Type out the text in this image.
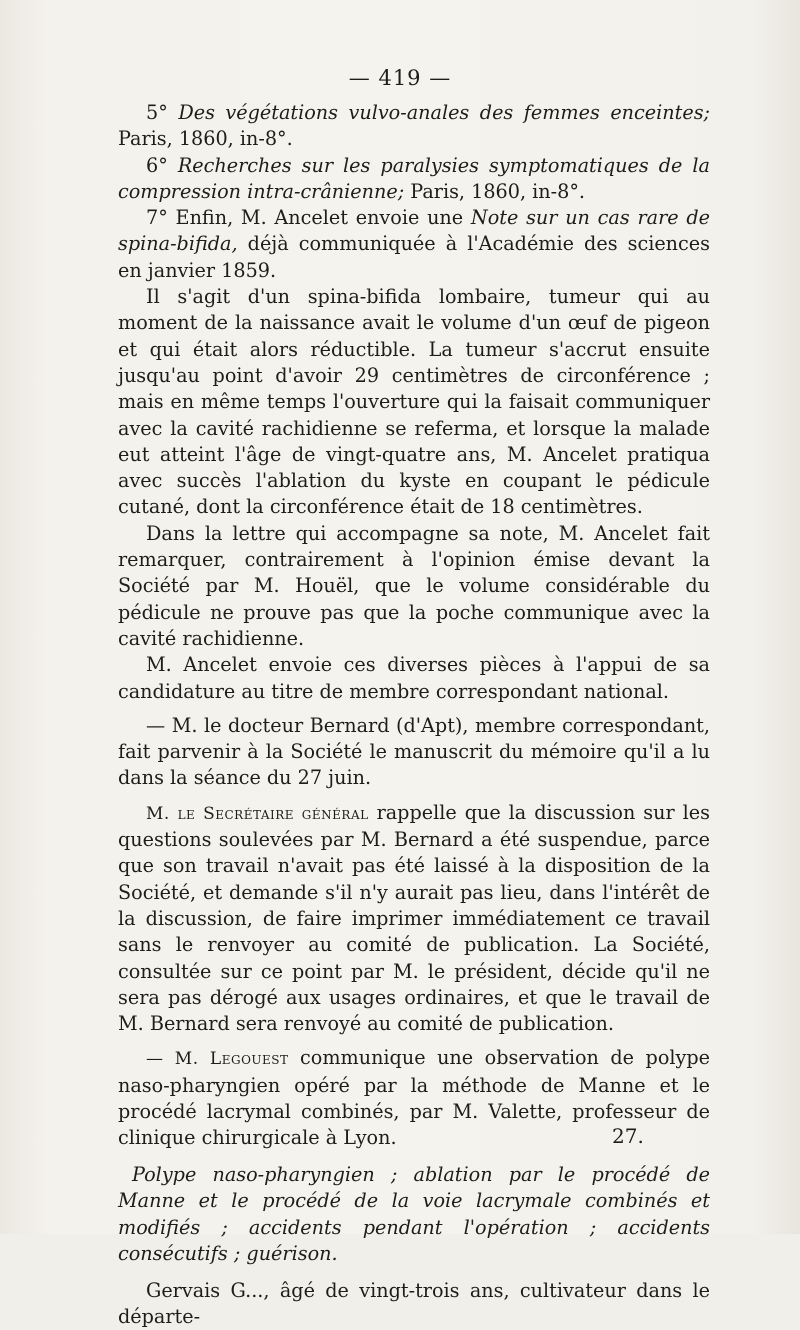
— 419 —

5° Des végétations vulvo-anales des femmes enceintes; Paris, 1860, in-8°.

6° Recherches sur les paralysies symptomatiques de la compression intra-crânienne; Paris, 1860, in-8°.

7° Enfin, M. Ancelet envoie une Note sur un cas rare de spina-bifida, déjà communiquée à l'Académie des sciences en janvier 1859.

Il s'agit d'un spina-bifida lombaire, tumeur qui au moment de la naissance avait le volume d'un œuf de pigeon et qui était alors réductible. La tumeur s'accrut ensuite jusqu'au point d'avoir 29 centimètres de circonférence ; mais en même temps l'ouverture qui la faisait communiquer avec la cavité rachidienne se referma, et lorsque la malade eut atteint l'âge de vingt-quatre ans, M. Ancelet pratiqua avec succès l'ablation du kyste en coupant le pédicule cutané, dont la circonférence était de 18 centimètres.

Dans la lettre qui accompagne sa note, M. Ancelet fait remarquer, contrairement à l'opinion émise devant la Société par M. Houël, que le volume considérable du pédicule ne prouve pas que la poche communique avec la cavité rachidienne.

M. Ancelet envoie ces diverses pièces à l'appui de sa candidature au titre de membre correspondant national.

— M. le docteur Bernard (d'Apt), membre correspondant, fait parvenir à la Société le manuscrit du mémoire qu'il a lu dans la séance du 27 juin.

M. le Secrétaire général rappelle que la discussion sur les questions soulevées par M. Bernard a été suspendue, parce que son travail n'avait pas été laissé à la disposition de la Société, et demande s'il n'y aurait pas lieu, dans l'intérêt de la discussion, de faire imprimer immédiatement ce travail sans le renvoyer au comité de publication. La Société, consultée sur ce point par M. le président, décide qu'il ne sera pas dérogé aux usages ordinaires, et que le travail de M. Bernard sera renvoyé au comité de publication.

— M. Legouest communique une observation de polype naso-pharyngien opéré par la méthode de Manne et le procédé lacrymal combinés, par M. Valette, professeur de clinique chirurgicale à Lyon.

Polype naso-pharyngien ; ablation par le procédé de Manne et le procédé de la voie lacrymale combinés et modifiés ; accidents pendant l'opération ; accidents consécutifs ; guérison.

Gervais G..., âgé de vingt-trois ans, cultivateur dans le départe-

27.
